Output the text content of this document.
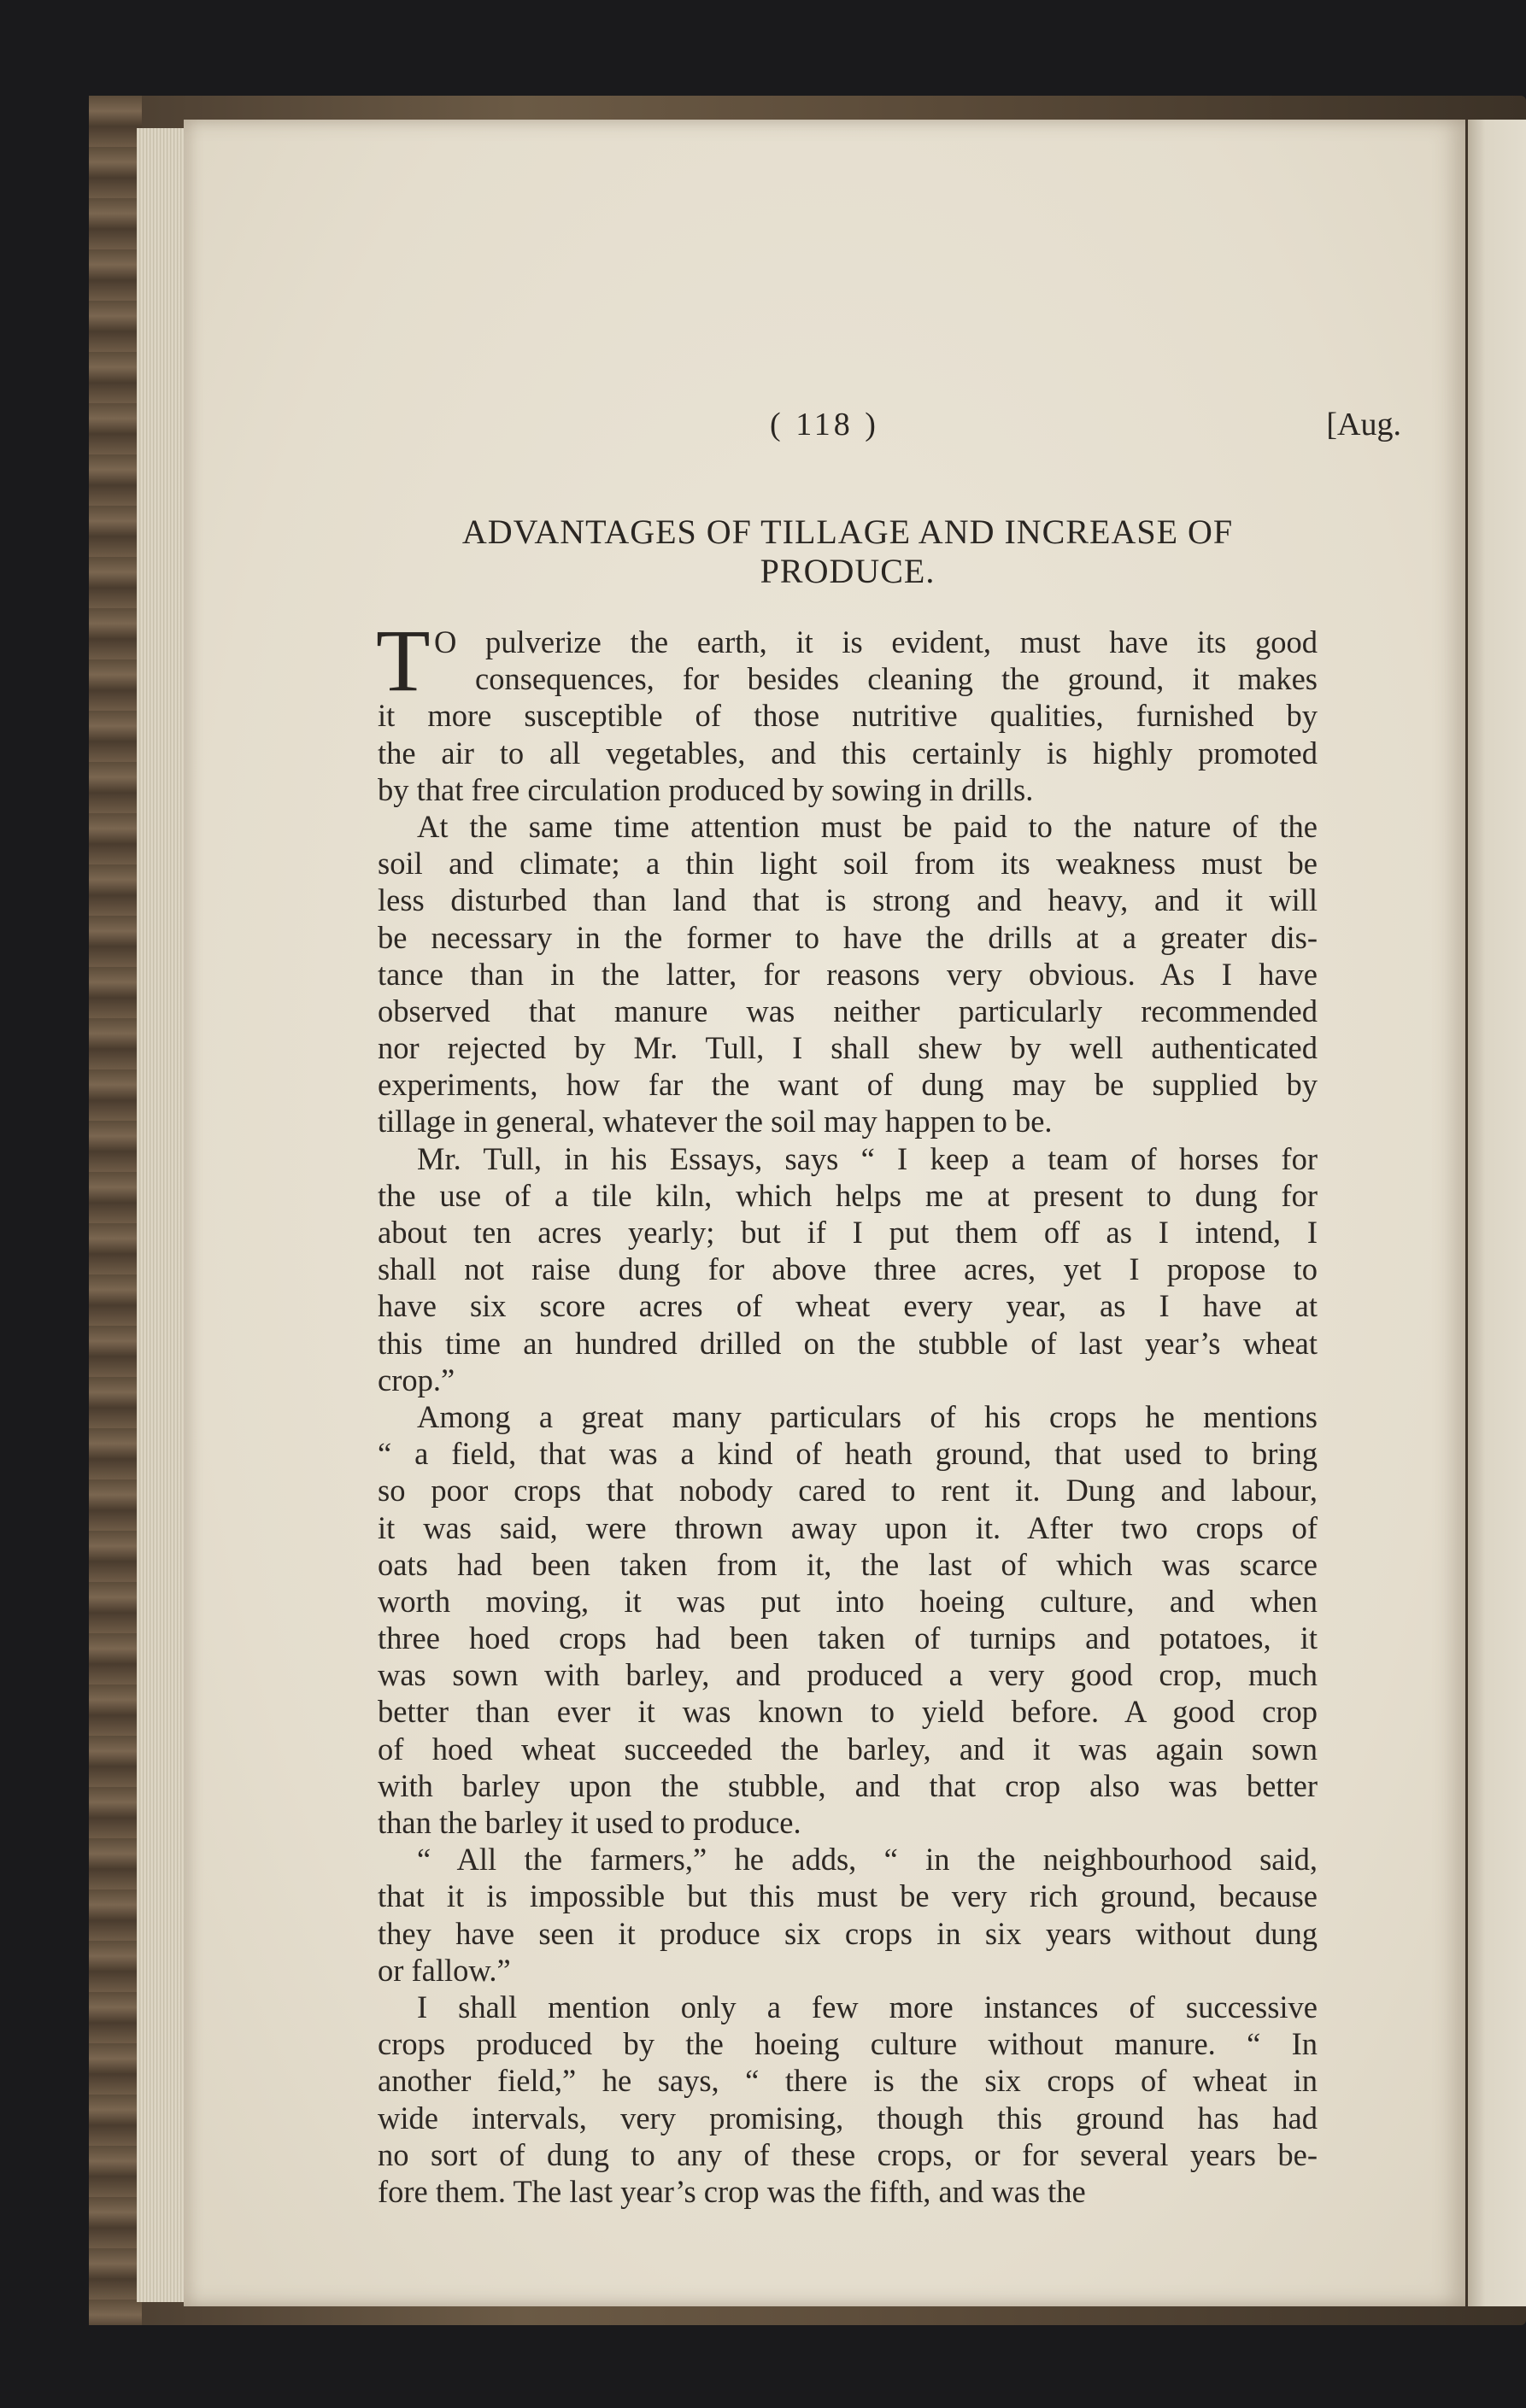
( 118 )	[Aug.
ADVANTAGES OF TILLAGE AND INCREASE OF
PRODUCE.
T O pulverize the earth, it is evident, must have its good
consequences, for besides cleaning the ground, it makes
it more susceptible of those nutritive qualities, furnished by
the air to all vegetables, and this certainly is highly promoted
by that free circulation produced by sowing in drills.
At the same time attention must be paid to the nature of the
soil and climate; a thin light soil from its weakness must be
less disturbed than land that is strong and heavy, and it will
be necessary in the former to have the drills at a greater dis-
tance than in the latter, for reasons very obvious. As I have
observed that manure was neither particularly recommended
nor rejected by Mr. Tull, I shall shew by well authenticated
experiments, how far the want of dung may be supplied by
tillage in general, whatever the soil may happen to be.
Mr. Tull, in his Essays, says “ I keep a team of horses for
the use of a tile kiln, which helps me at present to dung for
about ten acres yearly; but if I put them off as I intend, I
shall not raise dung for above three acres, yet I propose to
have six score acres of wheat every year, as I have at
this time an hundred drilled on the stubble of last year’s wheat
crop.”
Among a great many particulars of his crops he mentions
“ a field, that was a kind of heath ground, that used to bring
so poor crops that nobody cared to rent it. Dung and labour,
it was said, were thrown away upon it. After two crops of
oats had been taken from it, the last of which was scarce
worth moving, it was put into hoeing culture, and when
three hoed crops had been taken of turnips and potatoes, it
was sown with barley, and produced a very good crop, much
better than ever it was known to yield before. A good crop
of hoed wheat succeeded the barley, and it was again sown
with barley upon the stubble, and that crop also was better
than the barley it used to produce.
“ All the farmers,” he adds, “ in the neighbourhood said,
that it is impossible but this must be very rich ground, because
they have seen it produce six crops in six years without dung
or fallow.”
I shall mention only a few more instances of successive
crops produced by the hoeing culture without manure. “ In
another field,” he says, “ there is the six crops of wheat in
wide intervals, very promising, though this ground has had
no sort of dung to any of these crops, or for several years be-
fore them. The last year’s crop was the fifth, and was the
